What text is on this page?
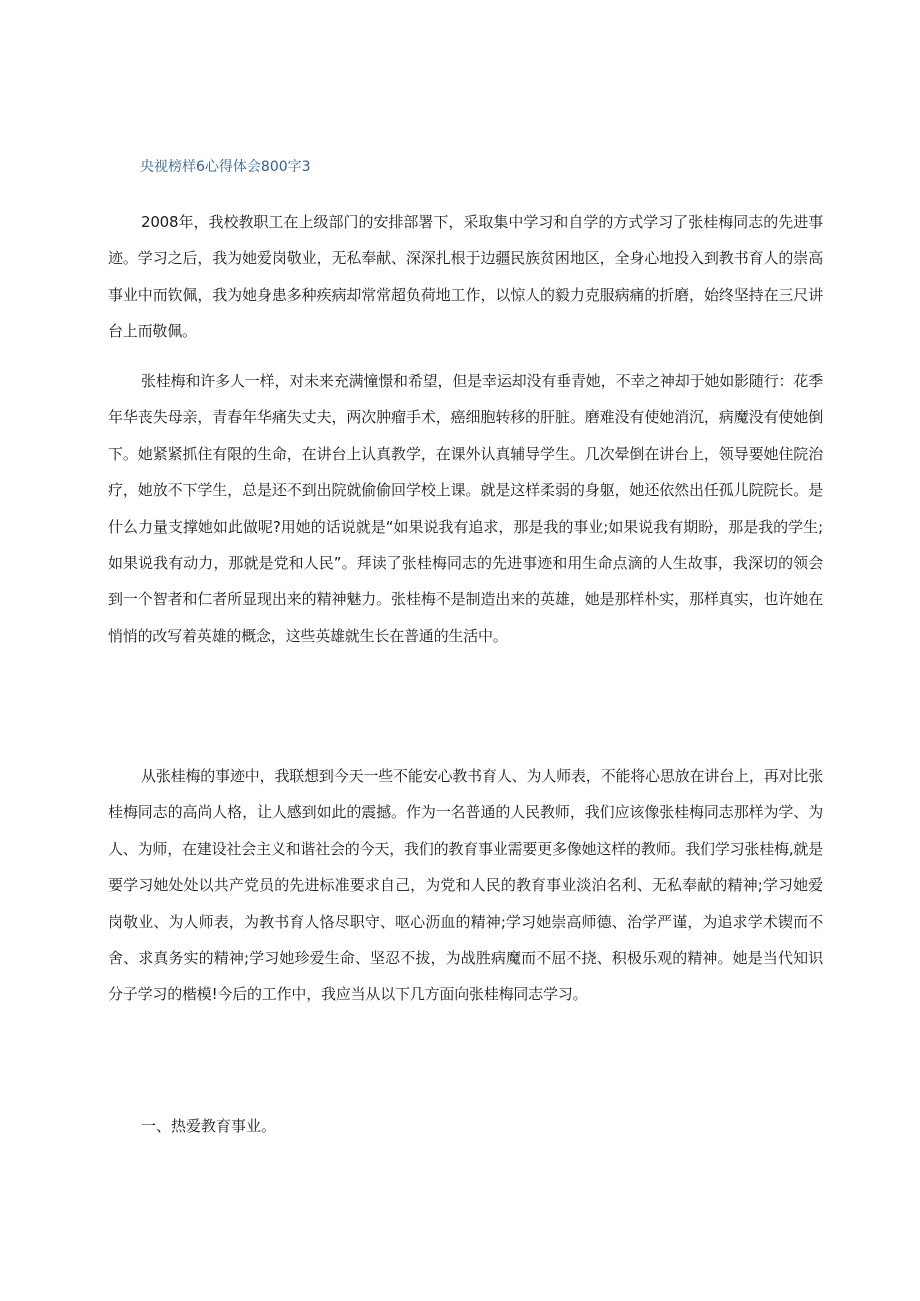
央视榜样6心得体会800字3

2008年，我校教职工在上级部门的安排部署下，采取集中学习和自学的方式学习了张桂梅同志的先进事迹。学习之后，我为她爱岗敬业，无私奉献、深深扎根于边疆民族贫困地区，全身心地投入到教书育人的崇高事业中而钦佩，我为她身患多种疾病却常常超负荷地工作，以惊人的毅力克服病痛的折磨，始终坚持在三尺讲台上而敬佩。

张桂梅和许多人一样，对未来充满憧憬和希望，但是幸运却没有垂青她，不幸之神却于她如影随行：花季年华丧失母亲，青春年华痛失丈夫，两次肿瘤手术，癌细胞转移的肝脏。磨难没有使她消沉，病魔没有使她倒下。她紧紧抓住有限的生命，在讲台上认真教学，在课外认真辅导学生。几次晕倒在讲台上，领导要她住院治疗，她放不下学生，总是还不到出院就偷偷回学校上课。就是这样柔弱的身躯，她还依然出任孤儿院院长。是什么力量支撑她如此做呢?用她的话说就是“如果说我有追求，那是我的事业;如果说我有期盼，那是我的学生;如果说我有动力，那就是党和人民”。拜读了张桂梅同志的先进事迹和用生命点滴的人生故事，我深切的领会到一个智者和仁者所显现出来的精神魅力。张桂梅不是制造出来的英雄，她是那样朴实，那样真实，也许她在悄悄的改写着英雄的概念，这些英雄就生长在普通的生活中。

从张桂梅的事迹中，我联想到今天一些不能安心教书育人、为人师表，不能将心思放在讲台上，再对比张桂梅同志的高尚人格，让人感到如此的震撼。作为一名普通的人民教师，我们应该像张桂梅同志那样为学、为人、为师，在建设社会主义和谐社会的今天，我们的教育事业需要更多像她这样的教师。我们学习张桂梅,就是要学习她处处以共产党员的先进标准要求自己，为党和人民的教育事业淡泊名利、无私奉献的精神;学习她爱岗敬业、为人师表，为教书育人恪尽职守、呕心沥血的精神;学习她崇高师德、治学严谨，为追求学术锲而不舍、求真务实的精神;学习她珍爱生命、坚忍不拔，为战胜病魔而不屈不挠、积极乐观的精神。她是当代知识分子学习的楷模!今后的工作中，我应当从以下几方面向张桂梅同志学习。

一、热爱教育事业。
